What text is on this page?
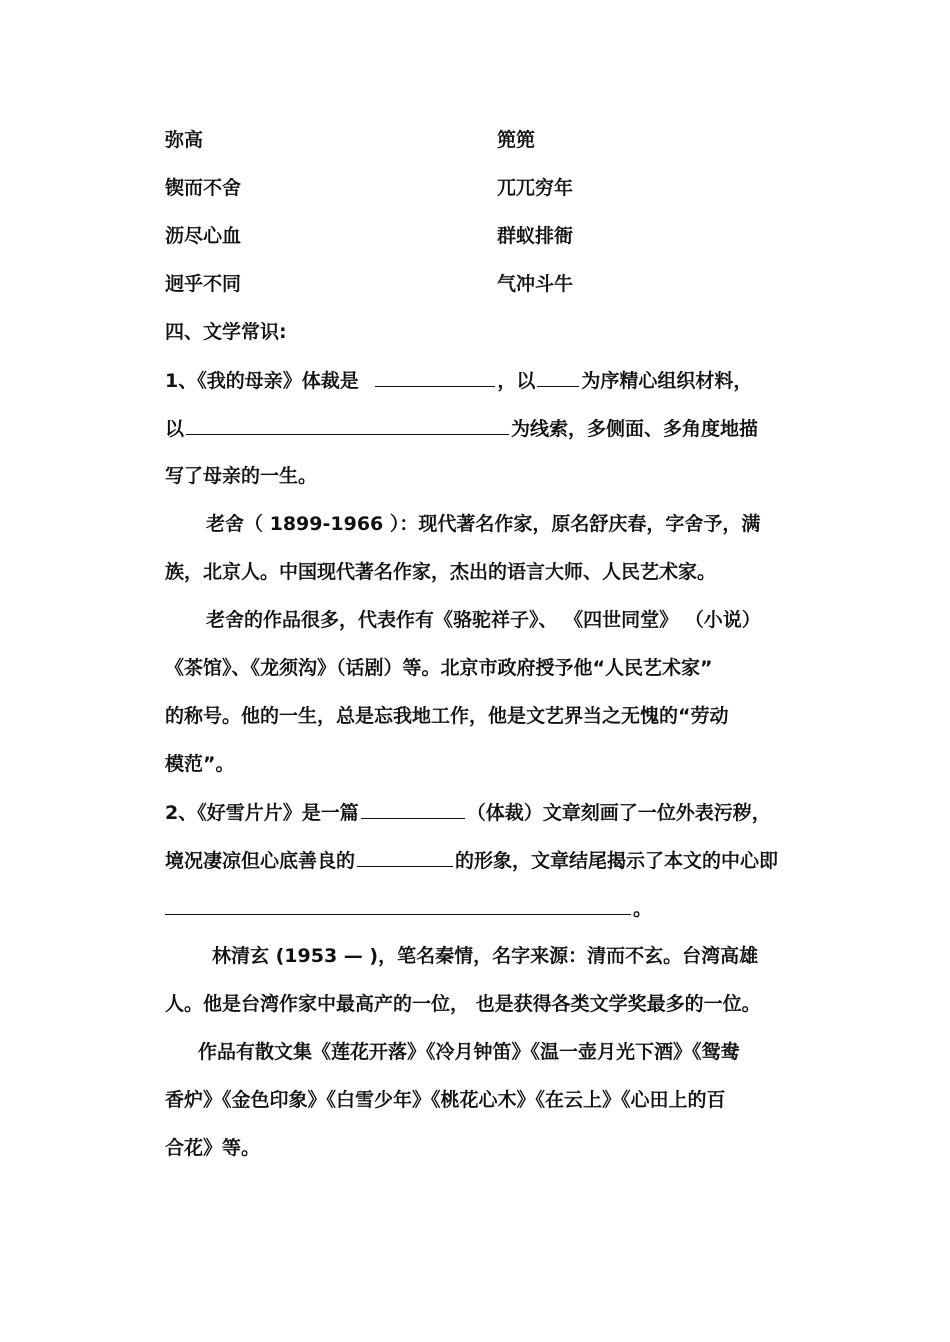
弥高	篼篼
锲而不舍	兀兀穷年
沥尽心血	群蚁排衙
迥乎不同	气冲斗牛
四、文学常识:
1、《我的母亲》体裁是	，以 为序精心组织材料，
以	为线索，多侧面、多角度地描
写了母亲的一生。
老舍（ 1899-1966 ）：现代著名作家，原名舒庆春，字舍予，满
族，北京人。中国现代著名作家，杰出的语言大师、人民艺术家。
老舍的作品很多，代表作有《骆驼祥子》、 《四世同堂》 （小说）
《茶馆》、《龙须沟》（话剧）等。北京市政府授予他“人民艺术家”
的称号。他的一生，总是忘我地工作，他是文艺界当之无愧的“劳动
模范”。
2、《好雪片片》是一篇	（体裁）文章刻画了一位外表污秽，
境况凄凉但心底善良的	的形象，文章结尾揭示了本文的中心即
。
林清玄 (1953 — )，笔名秦情，名字来源：清而不玄。台湾高雄
人。他是台湾作家中最高产的一位， 也是获得各类文学奖最多的一位。
作品有散文集《莲花开落》《冷月钟笛》《温一壶月光下酒》《鸳鸯
香炉》《金色印象》《白雪少年》《桃花心木》《在云上》《心田上的百
合花》等。
